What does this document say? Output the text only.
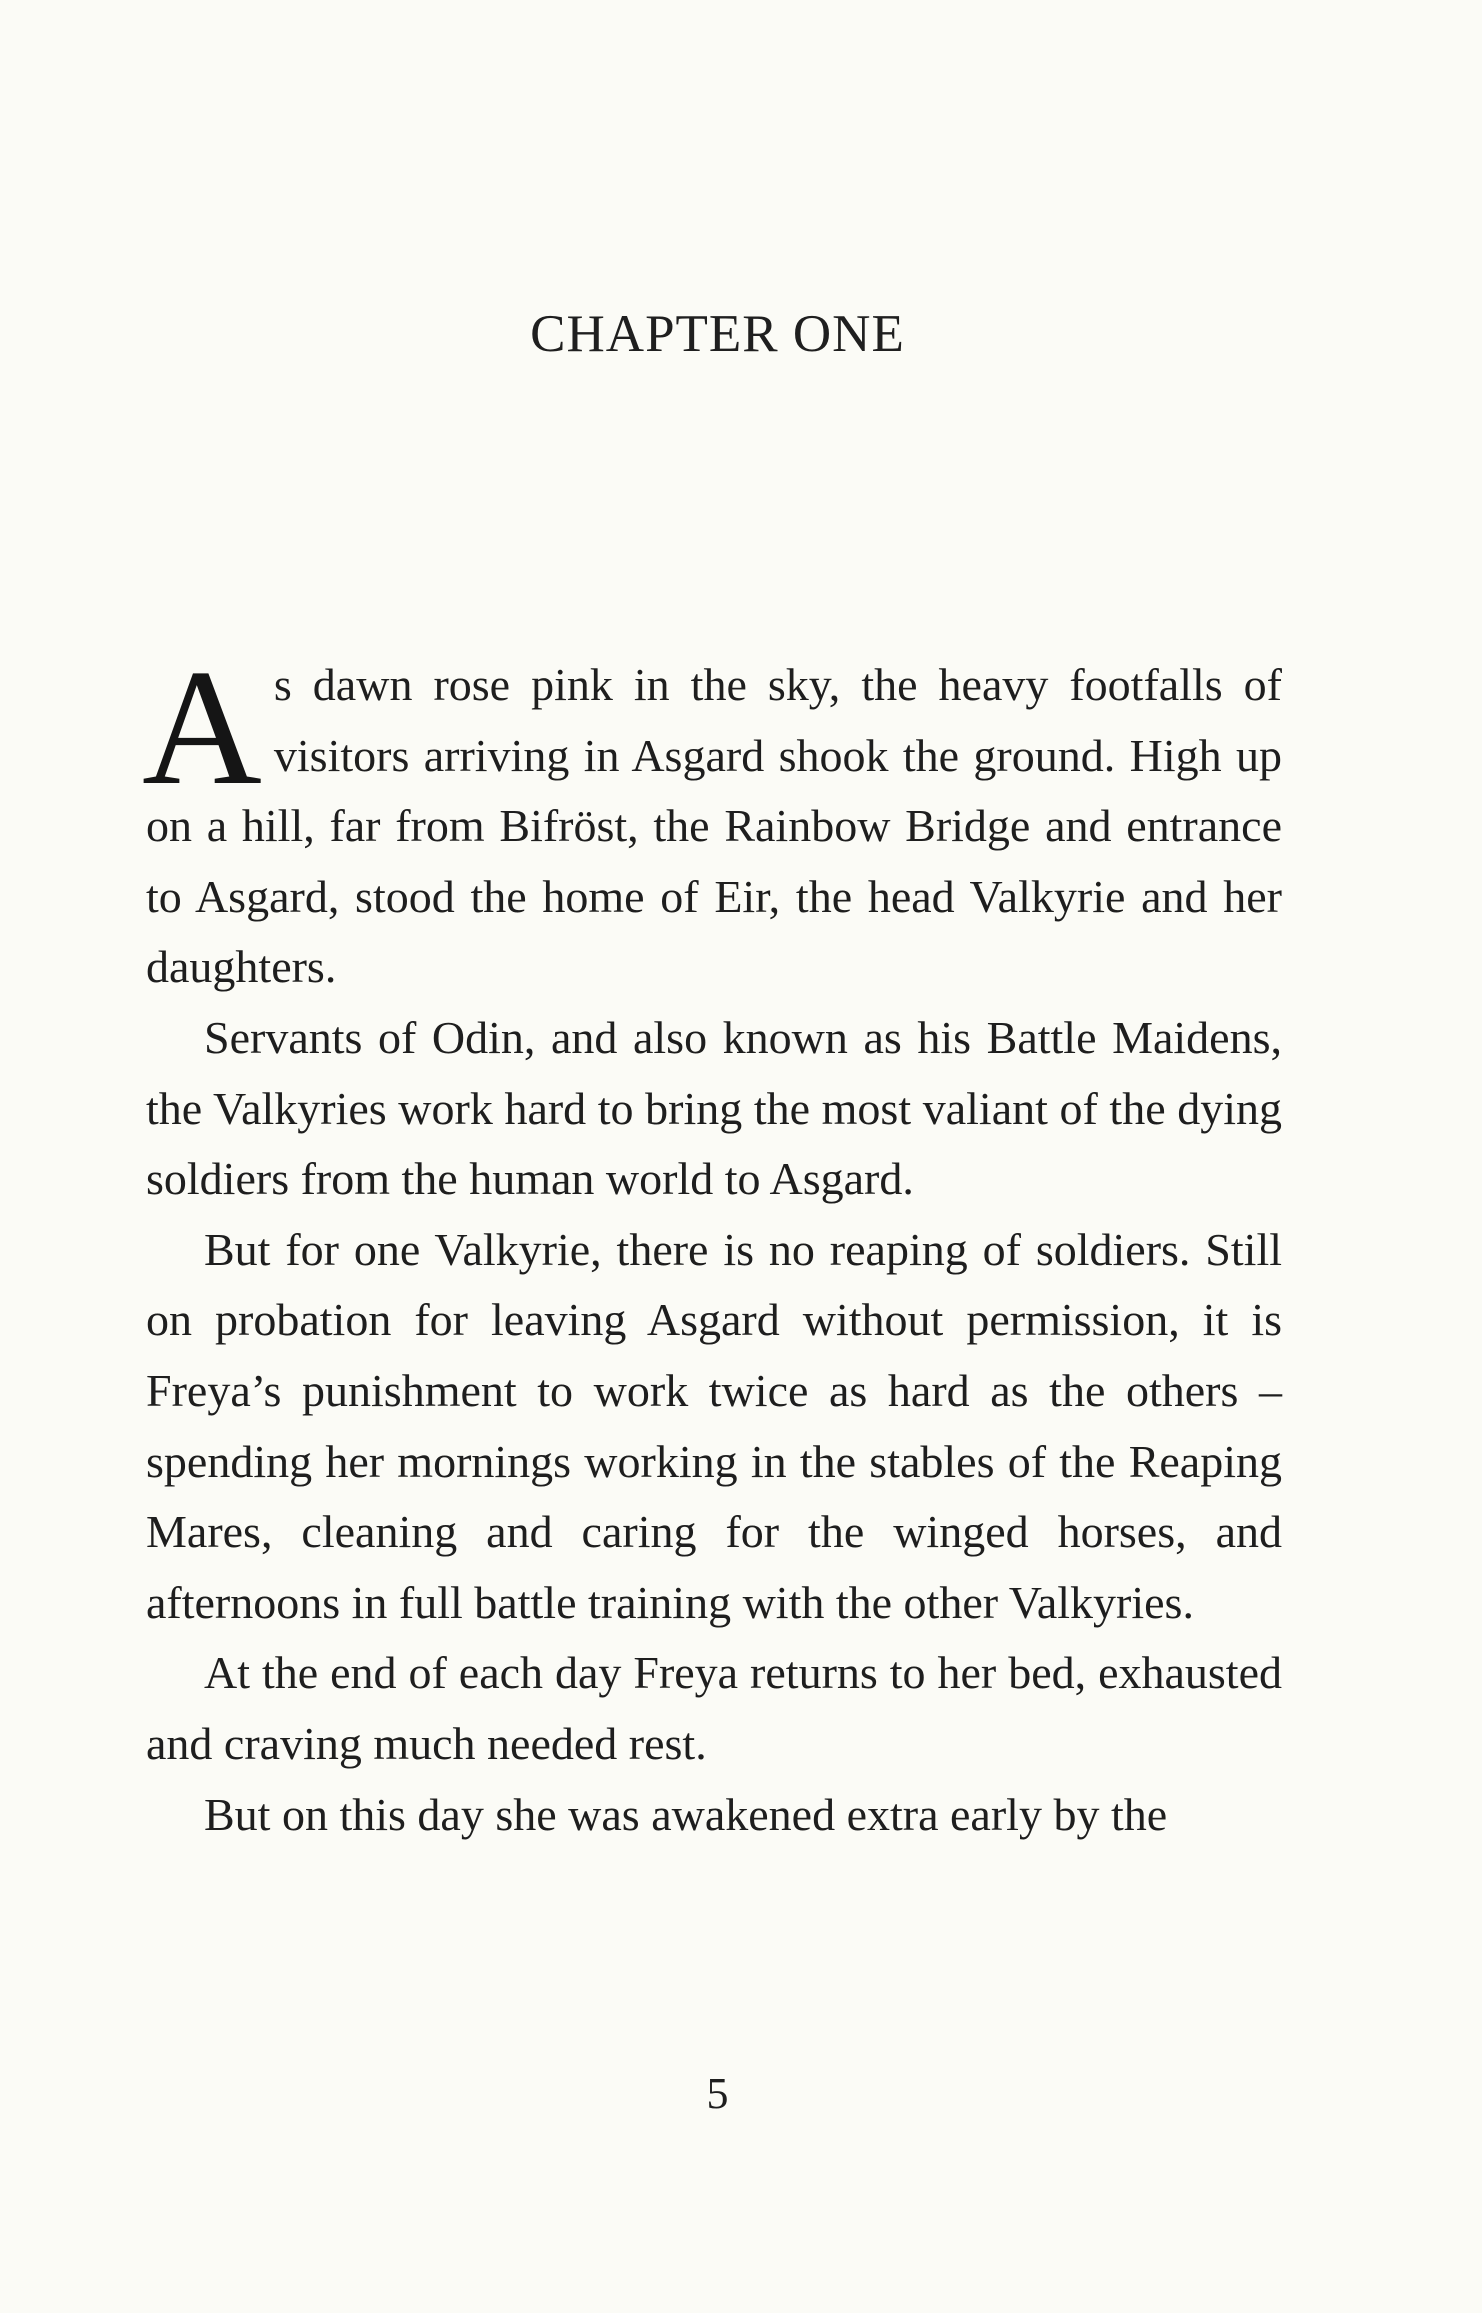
CHAPTER ONE

As dawn rose pink in the sky, the heavy footfalls of visitors arriving in Asgard shook the ground. High up on a hill, far from Bifröst, the Rainbow Bridge and entrance to Asgard, stood the home of Eir, the head Valkyrie and her daughters.

Servants of Odin, and also known as his Battle Maidens, the Valkyries work hard to bring the most valiant of the dying soldiers from the human world to Asgard.

But for one Valkyrie, there is no reaping of soldiers. Still on probation for leaving Asgard without permission, it is Freya’s punishment to work twice as hard as the others – spending her mornings working in the stables of the Reaping Mares, cleaning and caring for the winged horses, and afternoons in full battle training with the other Valkyries.

At the end of each day Freya returns to her bed, exhausted and craving much needed rest.

But on this day she was awakened extra early by the

5
